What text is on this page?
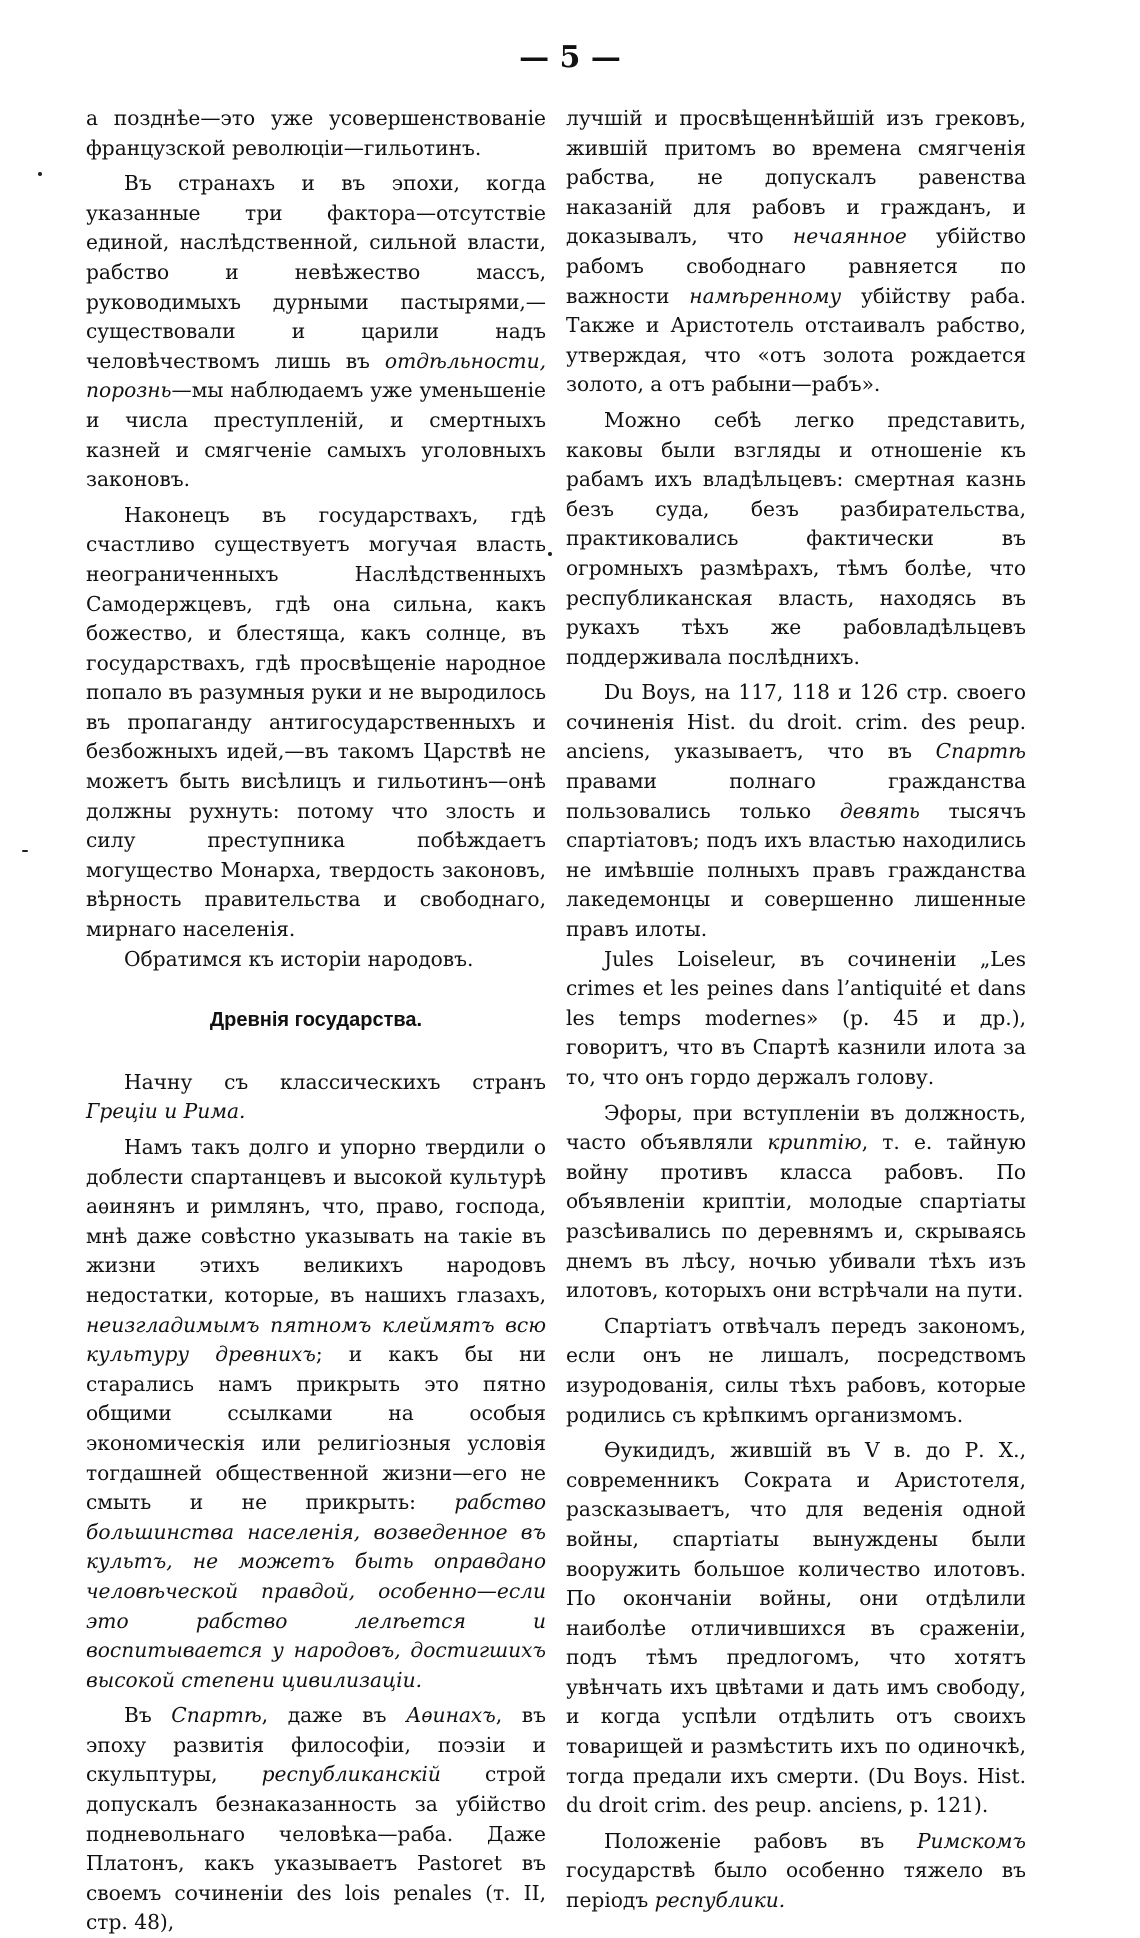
— 5 —

а позднѣе—это уже усовершенствованіе французской революціи—гильотинъ.

Въ странахъ и въ эпохи, когда указанные три фактора—отсутствіе единой, наслѣдственной, сильной власти, рабство и невѣжество массъ, руководимыхъ дурными пастырями,—существовали и царили надъ человѣчествомъ лишь въ отдѣльности, порознь—мы наблюдаемъ уже уменьшеніе и числа преступленій, и смертныхъ казней и смягченіе самыхъ уголовныхъ законовъ.

Наконецъ въ государствахъ, гдѣ счастливо существуетъ могучая власть неограниченныхъ Наслѣдственныхъ Самодержцевъ, гдѣ она сильна, какъ божество, и блестяща, какъ солнце, въ государствахъ, гдѣ просвѣщеніе народное попало въ разумныя руки и не выродилось въ пропаганду антигосударственныхъ и безбожныхъ идей,—въ такомъ Царствѣ не можетъ быть висѣлицъ и гильотинъ—онѣ должны рухнуть: потому что злость и силу преступника побѣждаетъ могущество Монарха, твердость законовъ, вѣрность правительства и свободнаго, мирнаго населенія.

Обратимся къ исторіи народовъ.

Древнія государства.

Начну съ классическихъ странъ Греціи и Рима.

Намъ такъ долго и упорно твердили о доблести спартанцевъ и высокой культурѣ аѳинянъ и римлянъ, что, право, господа, мнѣ даже совѣстно указывать на такіе въ жизни этихъ великихъ народовъ недостатки, которые, въ нашихъ глазахъ, неизгладимымъ пятномъ клеймятъ всю культуру древнихъ; и какъ бы ни старались намъ прикрыть это пятно общими ссылками на особыя экономическія или религіозныя условія тогдашней общественной жизни—его не смыть и не прикрыть: рабство большинства населенія, возведенное въ культъ, не можетъ быть оправдано человѣческой правдой, особенно—если это рабство лелѣется и воспитывается у народовъ, достигшихъ высокой степени цивилизаціи.

Въ Спартѣ, даже въ Аѳинахъ, въ эпоху развитія философіи, поэзіи и скульптуры, республиканскій строй допускалъ безнаказанность за убійство подневольнаго человѣка—раба. Даже Платонъ, какъ указываетъ Pastoret въ своемъ сочиненіи des lois penales (т. II, стр. 48),

лучшій и просвѣщеннѣйшій изъ грековъ, жившій притомъ во времена смягченія рабства, не допускалъ равенства наказаній для рабовъ и гражданъ, и доказывалъ, что нечаянное убійство рабомъ свободнаго равняется по важности намѣренному убійству раба. Также и Аристотель отстаивалъ рабство, утверждая, что «отъ золота рождается золото, а отъ рабыни—рабъ».

Можно себѣ легко представить, каковы были взгляды и отношеніе къ рабамъ ихъ владѣльцевъ: смертная казнь безъ суда, безъ разбирательства, практиковались фактически въ огромныхъ размѣрахъ, тѣмъ болѣе, что республиканская власть, находясь въ рукахъ тѣхъ же рабовладѣльцевъ поддерживала послѣднихъ.

Du Boys, на 117, 118 и 126 стр. своего сочиненія Hist. du droit. crim. des peup. anciens, указываетъ, что въ Спартѣ правами полнаго гражданства пользовались только девять тысячъ спартіатовъ; подъ ихъ властью находились не имѣвшіе полныхъ правъ гражданства лакедемонцы и совершенно лишенные правъ илоты.

Jules Loiseleur, въ сочиненіи „Les crimes et les peines dans l’antiquité et dans les temps modernes» (р. 45 и др.), говоритъ, что въ Спартѣ казнили илота за то, что онъ гордо держалъ голову.

Эфоры, при вступленіи въ должность, часто объявляли криптію, т. е. тайную войну противъ класса рабовъ. По объявленіи криптіи, молодые спартіаты разсѣивались по деревнямъ и, скрываясь днемъ въ лѣсу, ночью убивали тѣхъ изъ илотовъ, которыхъ они встрѣчали на пути.

Спартіатъ отвѣчалъ передъ закономъ, если онъ не лишалъ, посредствомъ изуродованія, силы тѣхъ рабовъ, которые родились съ крѣпкимъ организмомъ.

Ѳукидидъ, жившій въ V в. до Р. Х., современникъ Сократа и Аристотеля, разсказываетъ, что для веденія одной войны, спартіаты вынуждены были вооружить большое количество илотовъ. По окончаніи войны, они отдѣлили наиболѣе отличившихся въ сраженіи, подъ тѣмъ предлогомъ, что хотятъ увѣнчать ихъ цвѣтами и дать имъ свободу, и когда успѣли отдѣлить отъ своихъ товарищей и размѣстить ихъ по одиночкѣ, тогда предали ихъ смерти. (Du Boys. Hist. du droit crim. des peup. anciens, р. 121).

Положеніе рабовъ въ Римскомъ государствѣ было особенно тяжело въ періодъ республики.
